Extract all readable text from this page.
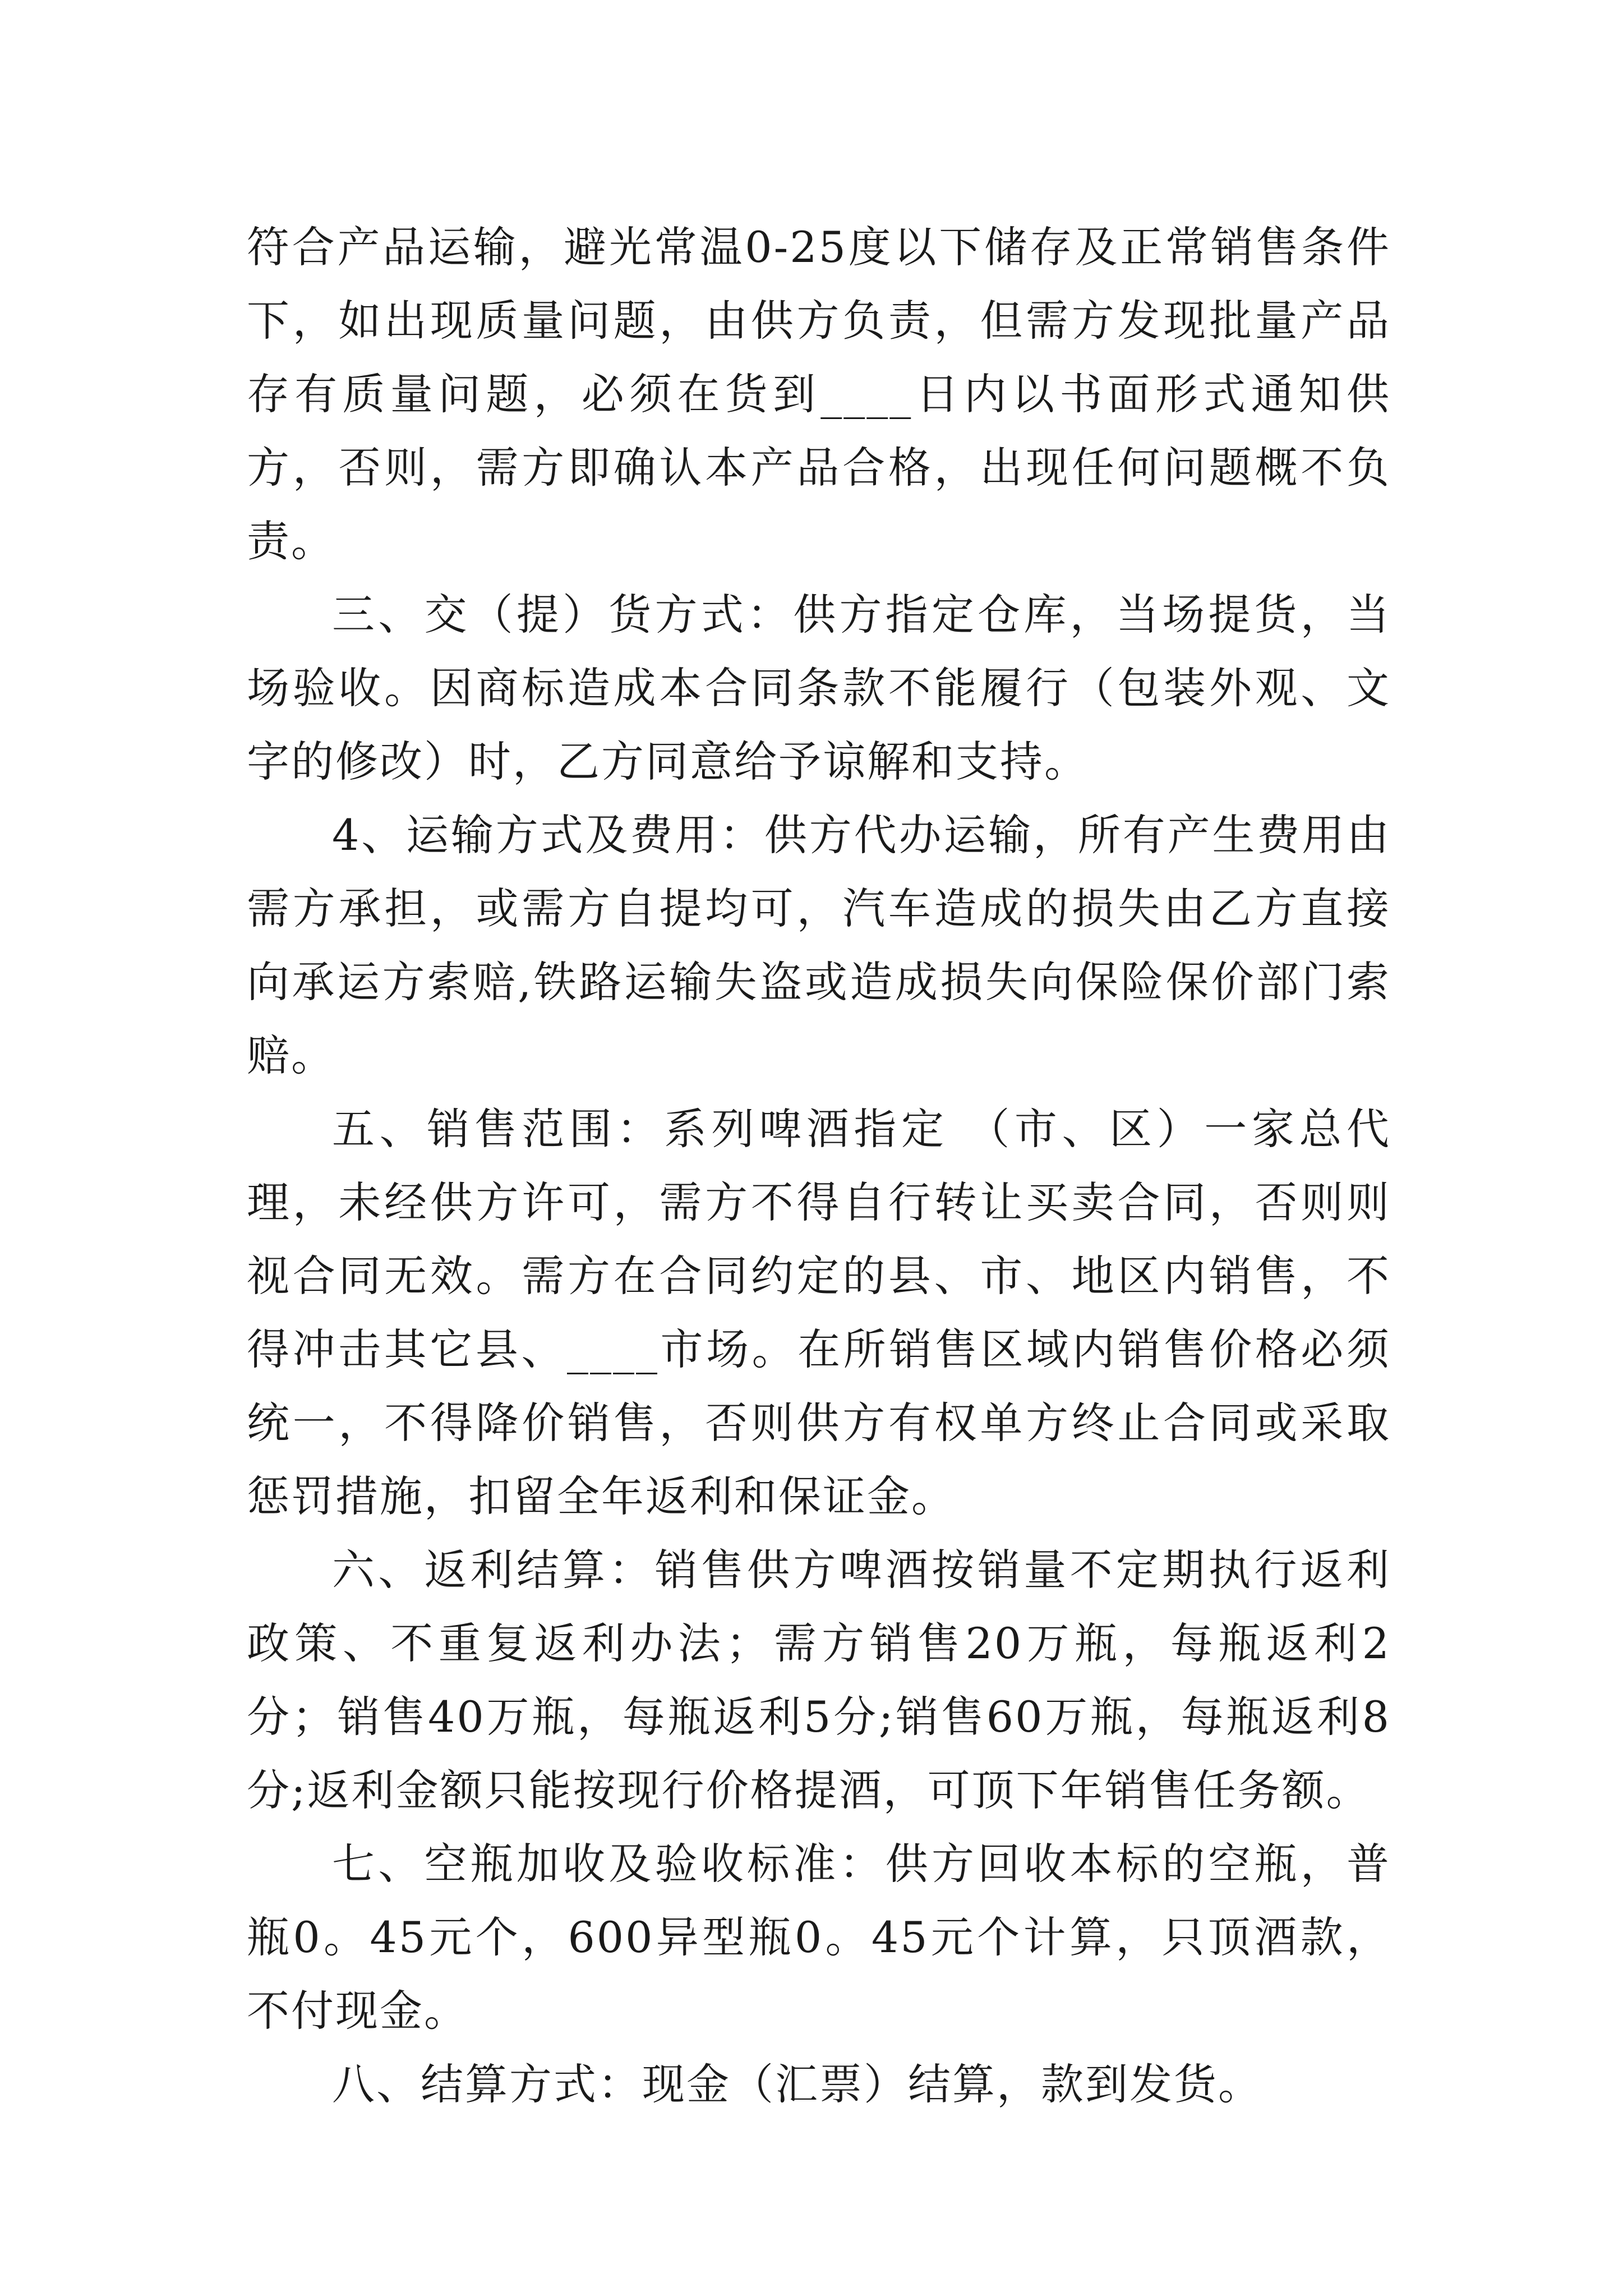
符合产品运输，避光常温0-25度以下储存及正常销售条件下，如出现质量问题，由供方负责，但需方发现批量产品存有质量问题，必须在货到____日内以书面形式通知供方，否则，需方即确认本产品合格，出现任何问题概不负责。

三、交（提）货方式：供方指定仓库，当场提货，当场验收。因商标造成本合同条款不能履行（包装外观、文字的修改）时，乙方同意给予谅解和支持。

4、运输方式及费用：供方代办运输，所有产生费用由需方承担，或需方自提均可，汽车造成的损失由乙方直接向承运方索赔,铁路运输失盗或造成损失向保险保价部门索赔。

五、销售范围：系列啤酒指定 （市、区）一家总代理，未经供方许可，需方不得自行转让买卖合同，否则则视合同无效。需方在合同约定的县、市、地区内销售，不得冲击其它县、____市场。在所销售区域内销售价格必须统一，不得降价销售，否则供方有权单方终止合同或采取惩罚措施，扣留全年返利和保证金。

六、返利结算：销售供方啤酒按销量不定期执行返利政策、不重复返利办法；需方销售20万瓶，每瓶返利2分；销售40万瓶，每瓶返利5分;销售60万瓶，每瓶返利8分;返利金额只能按现行价格提酒，可顶下年销售任务额。

七、空瓶加收及验收标准：供方回收本标的空瓶，普瓶0。45元个，600异型瓶0。45元个计算，只顶酒款，不付现金。

八、结算方式：现金（汇票）结算，款到发货。
